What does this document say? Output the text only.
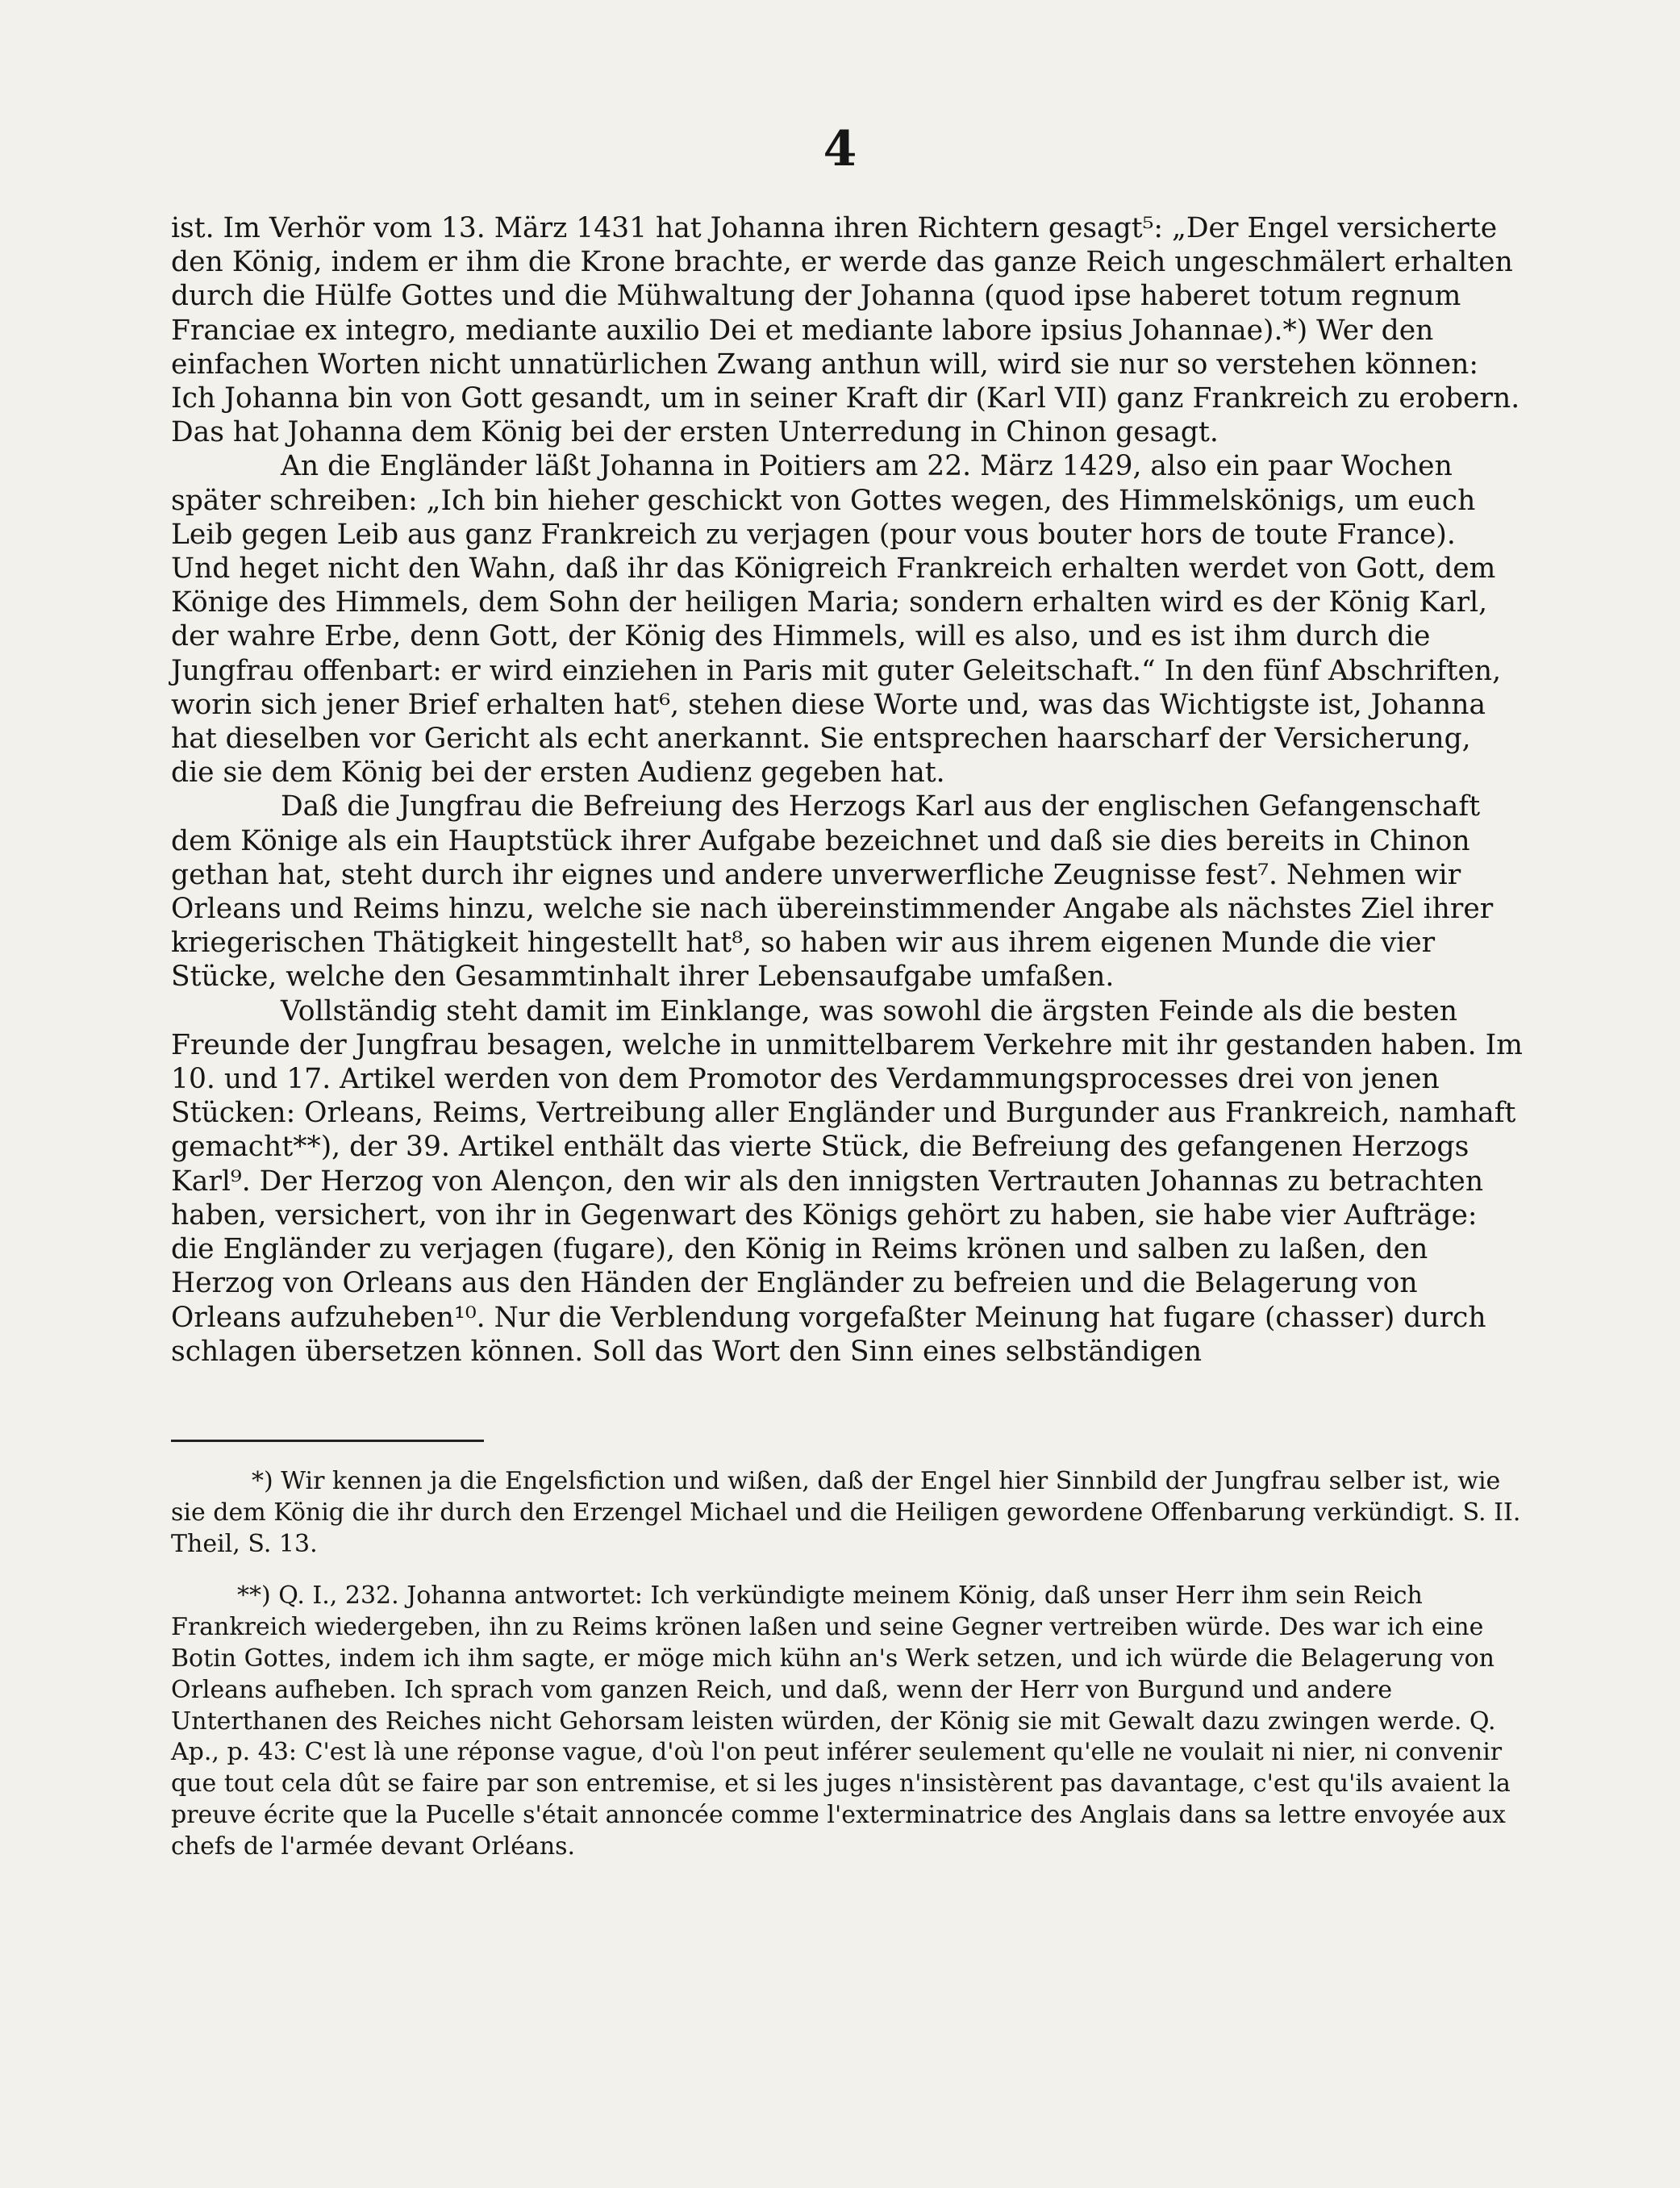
4

ist. Im Verhör vom 13. März 1431 hat Johanna ihren Richtern gesagt⁵: „Der Engel versicherte den König, indem er ihm die Krone brachte, er werde das ganze Reich ungeschmälert erhalten durch die Hülfe Gottes und die Mühwaltung der Johanna (quod ipse haberet totum regnum Franciae ex integro, mediante auxilio Dei et mediante labore ipsius Johannae).*) Wer den einfachen Worten nicht unnatürlichen Zwang anthun will, wird sie nur so verstehen können: Ich Johanna bin von Gott gesandt, um in seiner Kraft dir (Karl VII) ganz Frankreich zu erobern. Das hat Johanna dem König bei der ersten Unterredung in Chinon gesagt.

An die Engländer läßt Johanna in Poitiers am 22. März 1429, also ein paar Wochen später schreiben: „Ich bin hieher geschickt von Gottes wegen, des Himmelskönigs, um euch Leib gegen Leib aus ganz Frankreich zu verjagen (pour vous bouter hors de toute France). Und heget nicht den Wahn, daß ihr das Königreich Frankreich erhalten werdet von Gott, dem Könige des Himmels, dem Sohn der heiligen Maria; sondern erhalten wird es der König Karl, der wahre Erbe, denn Gott, der König des Himmels, will es also, und es ist ihm durch die Jungfrau offenbart: er wird einziehen in Paris mit guter Geleitschaft.“ In den fünf Abschriften, worin sich jener Brief erhalten hat⁶, stehen diese Worte und, was das Wichtigste ist, Johanna hat dieselben vor Gericht als echt anerkannt. Sie entsprechen haarscharf der Versicherung, die sie dem König bei der ersten Audienz gegeben hat.

Daß die Jungfrau die Befreiung des Herzogs Karl aus der englischen Gefangenschaft dem Könige als ein Hauptstück ihrer Aufgabe bezeichnet und daß sie dies bereits in Chinon gethan hat, steht durch ihr eignes und andere unverwerfliche Zeugnisse fest⁷. Nehmen wir Orleans und Reims hinzu, welche sie nach übereinstimmender Angabe als nächstes Ziel ihrer kriegerischen Thätigkeit hingestellt hat⁸, so haben wir aus ihrem eigenen Munde die vier Stücke, welche den Gesammtinhalt ihrer Lebensaufgabe umfaßen.

Vollständig steht damit im Einklange, was sowohl die ärgsten Feinde als die besten Freunde der Jungfrau besagen, welche in unmittelbarem Verkehre mit ihr gestanden haben. Im 10. und 17. Artikel werden von dem Promotor des Verdammungsprocesses drei von jenen Stücken: Orleans, Reims, Vertreibung aller Engländer und Burgunder aus Frankreich, namhaft gemacht**), der 39. Artikel enthält das vierte Stück, die Befreiung des gefangenen Herzogs Karl⁹. Der Herzog von Alençon, den wir als den innigsten Vertrauten Johannas zu betrachten haben, versichert, von ihr in Gegenwart des Königs gehört zu haben, sie habe vier Aufträge: die Engländer zu verjagen (fugare), den König in Reims krönen und salben zu laßen, den Herzog von Orleans aus den Händen der Engländer zu befreien und die Belagerung von Orleans aufzuheben¹⁰. Nur die Verblendung vorgefaßter Meinung hat fugare (chasser) durch schlagen übersetzen können. Soll das Wort den Sinn eines selbständigen

*) Wir kennen ja die Engelsfiction und wißen, daß der Engel hier Sinnbild der Jungfrau selber ist, wie sie dem König die ihr durch den Erzengel Michael und die Heiligen gewordene Offenbarung verkündigt. S. II. Theil, S. 13.

**) Q. I., 232. Johanna antwortet: Ich verkündigte meinem König, daß unser Herr ihm sein Reich Frankreich wiedergeben, ihn zu Reims krönen laßen und seine Gegner vertreiben würde. Des war ich eine Botin Gottes, indem ich ihm sagte, er möge mich kühn an's Werk setzen, und ich würde die Belagerung von Orleans aufheben. Ich sprach vom ganzen Reich, und daß, wenn der Herr von Burgund und andere Unterthanen des Reiches nicht Gehorsam leisten würden, der König sie mit Gewalt dazu zwingen werde. Q. Ap., p. 43: C'est là une réponse vague, d'où l'on peut inférer seulement qu'elle ne voulait ni nier, ni convenir que tout cela dût se faire par son entremise, et si les juges n'insistèrent pas davantage, c'est qu'ils avaient la preuve écrite que la Pucelle s'était annoncée comme l'exterminatrice des Anglais dans sa lettre envoyée aux chefs de l'armée devant Orléans.
